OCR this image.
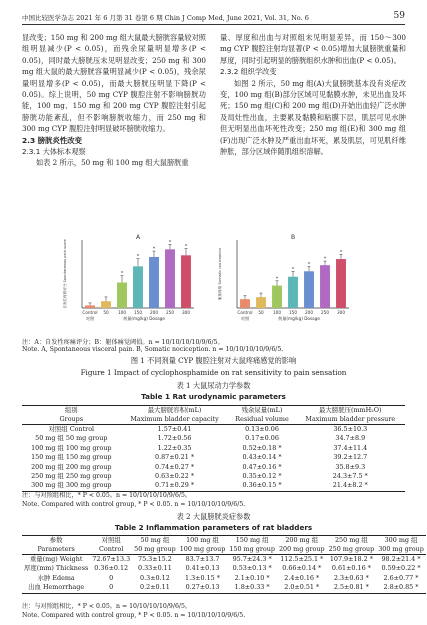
中国比较医学杂志 2021 年 6 月第 31 卷第 6 期 Chin J Comp Med, June 2021, Vol. 31, No. 6	59

显改变；150 mg 和 200 mg 组大鼠最大膀胱容量较对照组明显减少(P < 0.05)，而残余尿量明显增多(P < 0.05)，同时最大膀胱压未见明显改变；250 mg 和 300 mg 组大鼠的最大膀胱容量明显减少(P < 0.05)，残余尿量明显增多(P < 0.05)，而最大膀胱压明显下降(P < 0.05)。综上说明，50 mg CYP 腹腔注射不影响膀胱功能，100 mg、150 mg 和 200 mg CYP 腹腔注射引起膀胱功能紊乱，但不影响膀胱收缩力，而 250 mg 和 300 mg CYP 腹腔注射明显破坏膀胱收缩力。

2.3 膀胱炎性改变
2.3.1 大体标本观察

如表 2 所示，50 mg 和 100 mg 组大鼠膀胱重

量、厚度和出血与对照组未见明显差异，而 150～300 mg CYP 腹腔注射均显著(P < 0.05)增加大鼠膀胱重量和厚度，同时引起明显的膀胱组织水肿和出血(P < 0.05)。

2.3.2 组织学改变

如图 2 所示，50 mg 组(A)大鼠膀胱基本没有炎症改变，100 mg 组(B)部分区域可见黏膜水肿，未见出血及坏死；150 mg 组(C)和 200 mg 组(D)开始出血轻广泛水肿及局灶性出血，主要累及黏膜和粘膜下层，肌层可见水肿但无明显出血坏死性改变；250 mg 组(E)和 300 mg 组(F)出现广泛水肿及严重出血坏死，累及肌层，可见肌纤维肿胀，部分区域伴随肌组织溶解。

A
自发性疼痛评分 Spontaneous pain score
Control 50
*
100
*
150
*
200
*
250
*
300
对照	剂量(mg/kg) Dosage
B
躯体疼痛 Somatic nociception
Control 50
*
100
*
150
*
200
*
250
*
300
对照	剂量(mg/kg) Dosage
注：A：自发性疼痛评分；B：躯体痛觉阈值。n = 10/10/10/10/9/6/5。
Note. A, Spontaneous visceral pain. B, Somatic nociception. n = 10/10/10/10/9/6/5.
图 1 不同剂量 CYP 腹腔注射对大鼠疼痛感觉的影响
Figure 1 Impact of cyclophosphamide on rat sensitivity to pain sensation
表 1 大鼠尿动力学参数
Table 1 Rat urodynamic parameters
组别	最大膀胱容积(mL)	残余尿量(mL)	最大膀胱压(mmH₂O)
Groups	Maximum bladder capacity	Residual volume	Maximum bladder pressure
对照组 Control	1.57±0.41	0.13±0.06	36.5±10.3
50 mg 组 50 mg group	1.72±0.56	0.17±0.06	34.7±8.9
100 mg 组 100 mg group	1.22±0.35	0.52±0.18 *	37.4±11.4
150 mg 组 150 mg group	0.87±0.21 *	0.43±0.14 *	39.2±12.7
200 mg 组 200 mg group	0.74±0.27 *	0.47±0.16 *	35.8±9.3
250 mg 组 250 mg group	0.63±0.22 *	0.35±0.12 *	24.3±7.5 *
300 mg 组 300 mg group	0.71±0.29 *	0.36±0.15 *	21.4±8.2 *
注：与对照组相比，* P < 0.05。n = 10/10/10/10/9/6/5。
Note. Compared with control group, * P < 0.05. n = 10/10/10/10/9/6/5.
表 2 大鼠膀胱炎症参数
Table 2 Inflammation parameters of rat bladders
参数	对照组	50 mg 组	100 mg 组	150 mg 组	200 mg 组	250 mg 组	300 mg 组
Parameters	Control	50 mg group	100 mg group	150 mg group	200 mg group	250 mg group	300 mg group
重量(mg) Weight	72.67±13.3	75.3±15.2	83.7±13.7	95.7±24.3 *	112.5±25.1 *	107.9±18.2 *	98.2±21.4 *
厚度(mm) Thickness	0.36±0.12	0.33±0.11	0.41±0.13	0.53±0.13 *	0.66±0.14 *	0.61±0.16 *	0.59±0.22 *
水肿 Edema	0	0.3±0.12	1.3±0.15 *	2.1±0.10 *	2.4±0.16 *	2.3±0.63 *	2.6±0.77 *
出血 Hemorrhage	0	0.2±0.11	0.27±0.13	1.8±0.33 *	2.0±0.51 *	2.5±0.81 *	2.8±0.85 *
注：与对照组相比，* P < 0.05。n = 10/10/10/10/9/6/5。
Note. Compared with control group, * P < 0.05. n = 10/10/10/10/9/6/5.
